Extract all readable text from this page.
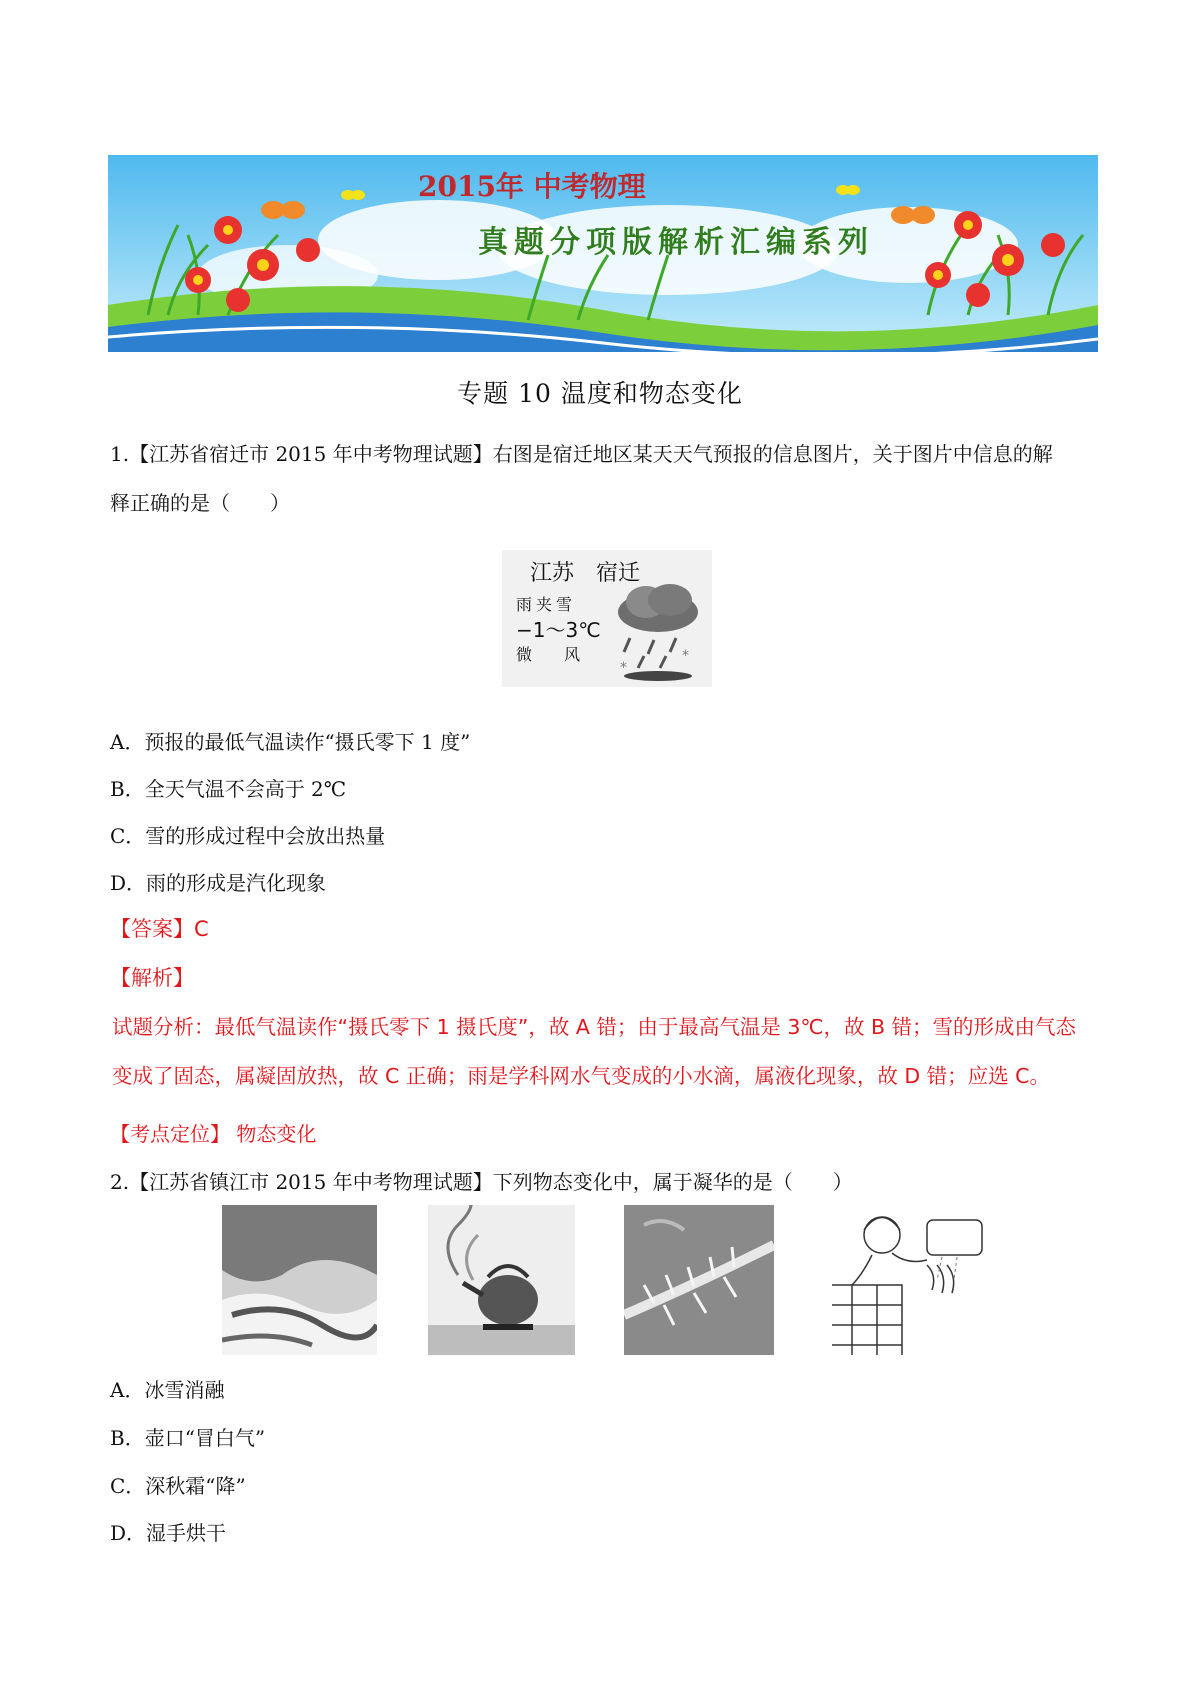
2015年 中考物理
真题分项版解析汇编系列
专题 10 温度和物态变化
1.【江苏省宿迁市 2015 年中考物理试题】右图是宿迁地区某天天气预报的信息图片，关于图片中信息的解
释正确的是（　　）
江苏　宿迁
雨夹雪
−1～3℃
微　　风	*
*
A．预报的最低气温读作“摄氏零下 1 度”
B．全天气温不会高于 2℃
C．雪的形成过程中会放出热量
D．雨的形成是汽化现象
【答案】C
【解析】
试题分析：最低气温读作“摄氏零下 1 摄氏度”，故 A 错；由于最高气温是 3℃，故 B 错；雪的形成由气态
变成了固态，属凝固放热，故 C 正确；雨是学科网水气变成的小水滴，属液化现象，故 D 错；应选 C。
【考点定位】 物态变化
2.【江苏省镇江市 2015 年中考物理试题】下列物态变化中，属于凝华的是（　　）
A．冰雪消融
B．壶口“冒白气”
C．深秋霜“降”
D．湿手烘干
